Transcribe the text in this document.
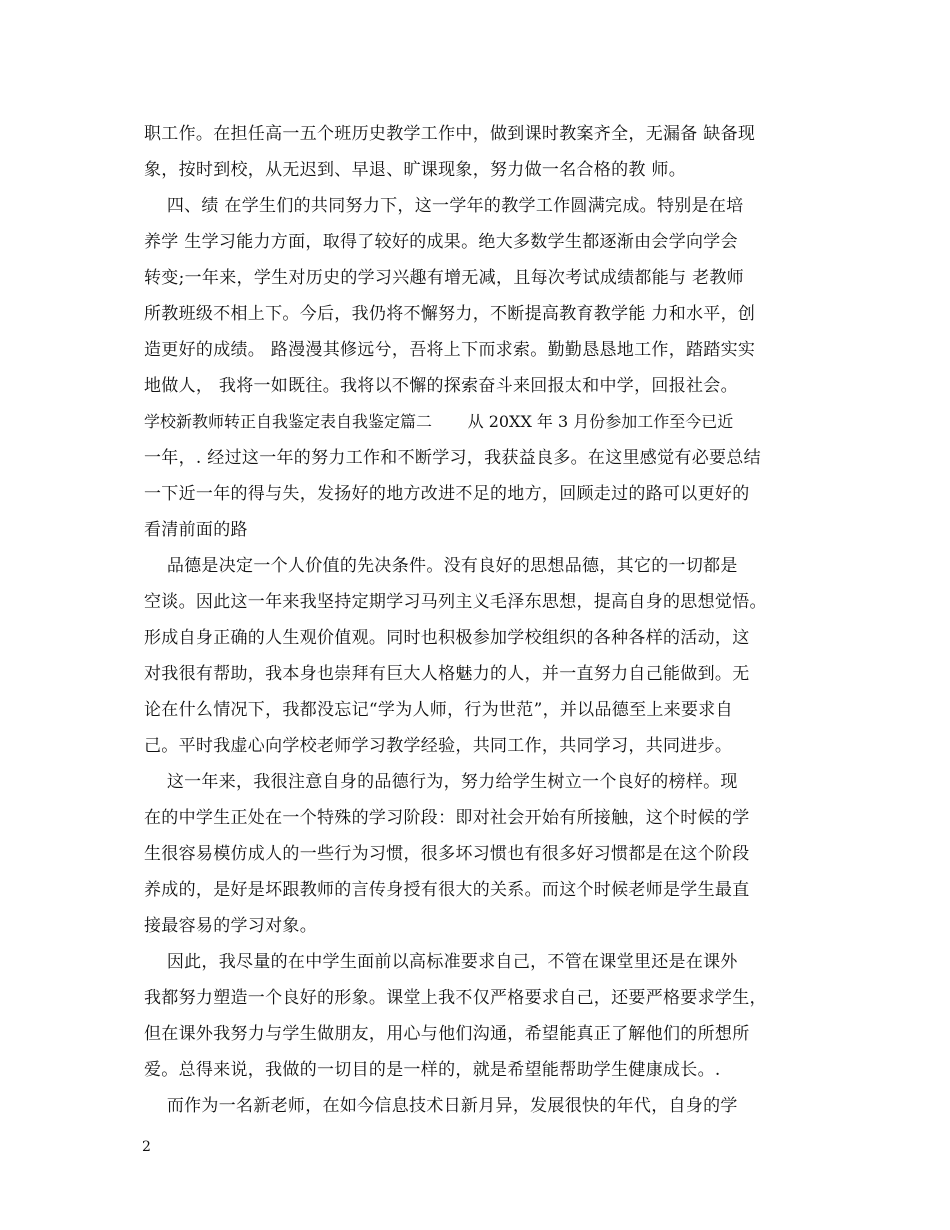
职工作。在担任高一五个班历史教学工作中，做到课时教案齐全，无漏备 缺备现
象，按时到校，从无迟到、早退、旷课现象，努力做一名合格的教 师。
四、绩 在学生们的共同努力下，这一学年的教学工作圆满完成。特别是在培
养学 生学习能力方面，取得了较好的成果。绝大多数学生都逐渐由会学向学会
转变;一年来，学生对历史的学习兴趣有增无减，且每次考试成绩都能与 老教师
所教班级不相上下。今后，我仍将不懈努力，不断提高教育教学能 力和水平，创
造更好的成绩。 路漫漫其修远兮，吾将上下而求索。勤勤恳恳地工作，踏踏实实
地做人， 我将一如既往。我将以不懈的探索奋斗来回报太和中学，回报社会。
学校新教师转正自我鉴定表自我鉴定篇二       从 20XX 年 3 月份参加工作至今已近
一年，. 经过这一年的努力工作和不断学习，我获益良多。在这里感觉有必要总结
一下近一年的得与失，发扬好的地方改进不足的地方，回顾走过的路可以更好的
看清前面的路
品德是决定一个人价值的先决条件。没有良好的思想品德，其它的一切都是
空谈。因此这一年来我坚持定期学习马列主义毛泽东思想，提高自身的思想觉悟。
形成自身正确的人生观价值观。同时也积极参加学校组织的各种各样的活动，这
对我很有帮助，我本身也崇拜有巨大人格魅力的人，并一直努力自己能做到。无
论在什么情况下，我都没忘记“学为人师，行为世范”，并以品德至上来要求自
己。平时我虚心向学校老师学习教学经验，共同工作，共同学习，共同进步。
这一年来，我很注意自身的品德行为，努力给学生树立一个良好的榜样。现
在的中学生正处在一个特殊的学习阶段：即对社会开始有所接触，这个时候的学
生很容易模仿成人的一些行为习惯，很多坏习惯也有很多好习惯都是在这个阶段
养成的，是好是坏跟教师的言传身授有很大的关系。而这个时候老师是学生最直
接最容易的学习对象。
因此，我尽量的在中学生面前以高标准要求自己，不管在课堂里还是在课外
我都努力塑造一个良好的形象。课堂上我不仅严格要求自己，还要严格要求学生，
但在课外我努力与学生做朋友，用心与他们沟通，希望能真正了解他们的所想所
爱。总得来说，我做的一切目的是一样的，就是希望能帮助学生健康成长。.
而作为一名新老师，在如今信息技术日新月异，发展很快的年代，自身的学
2
